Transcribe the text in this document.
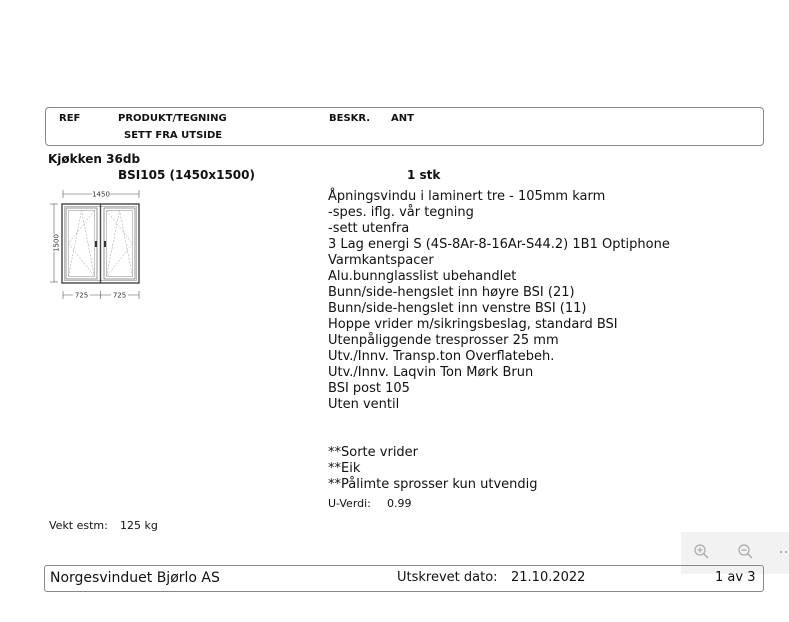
REF	PRODUKT/TEGNING	BESKR. ANT
SETT FRA UTSIDE
Kjøkken 36db
BSI105 (1450x1500)	1 stk
1450
1500
725	725
Åpningsvindu i laminert tre - 105mm karm
-spes. iflg. vår tegning
-sett utenfra
3 Lag energi S (4S-8Ar-8-16Ar-S44.2) 1B1 Optiphone
Varmkantspacer
Alu.bunnglasslist ubehandlet
Bunn/side-hengslet inn høyre BSI (21)
Bunn/side-hengslet inn venstre BSI (11)
Hoppe vrider m/sikringsbeslag, standard BSI
Utenpåliggende tresprosser 25 mm
Utv./Innv. Transp.ton Overflatebeh.
Utv./Innv. Laqvin Ton Mørk Brun
BSI post 105
Uten ventil
**Sorte vrider
**Eik
**Pålimte sprosser kun utvendig
U-Verdi: 0.99
Vekt estm: 125 kg
Norgesvinduet Bjørlo AS	Utskrevet dato: 21.10.2022	1 av 3
